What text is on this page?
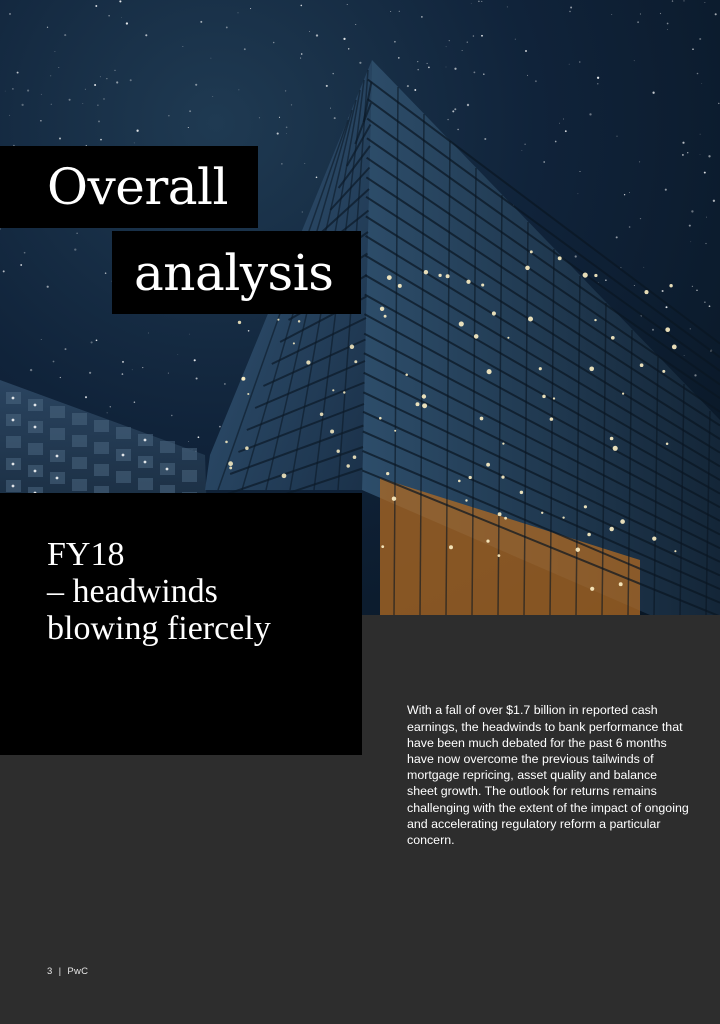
Overall
analysis
FY18
– headwinds
blowing fiercely

With a fall of over $1.7 billion in reported cash earnings, the headwinds to bank performance that have been much debated for the past 6 months have now overcome the previous tailwinds of mortgage repricing, asset quality and balance sheet growth. The outlook for returns remains challenging with the extent of the impact of ongoing and accelerating regulatory reform a particular concern.

3 | PwC
